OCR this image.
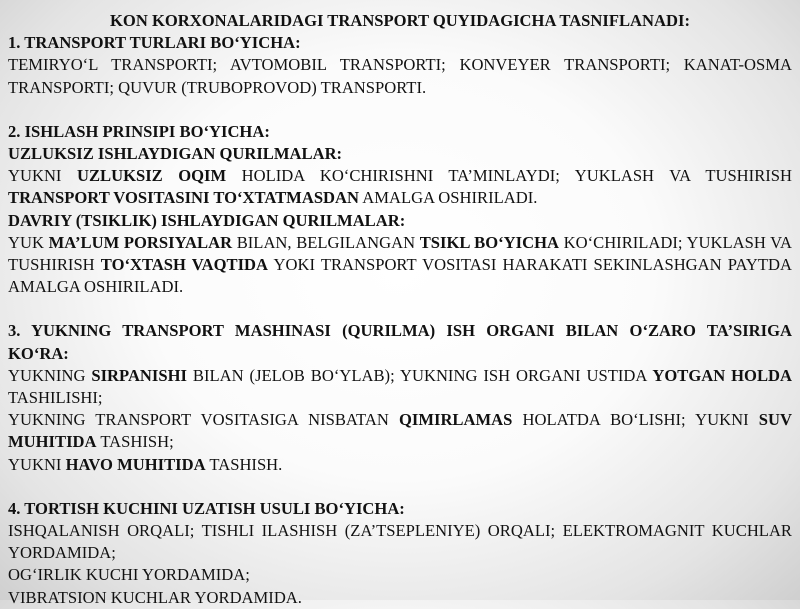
KON KORXONALARIDAGI TRANSPORT QUYIDAGICHA TASNIFLANADI:
1. TRANSPORT TURLARI BO‘YICHA:
TEMIRYO‘L TRANSPORTI; AVTOMOBIL TRANSPORTI; KONVEYER TRANSPORTI; KANAT-OSMA TRANSPORTI; QUVUR (TRUBOPROVOD) TRANSPORTI.
2. ISHLASH PRINSIPI BO‘YICHA:
UZLUKSIZ ISHLAYDIGAN QURILMALAR:
YUKNI UZLUKSIZ OQIM HOLIDA KO‘CHIRISHNI TA’MINLAYDI; YUKLASH VA TUSHIRISH TRANSPORT VOSITASINI TO‘XTATMASDAN AMALGA OSHIRILADI.
DAVRIY (TSIKLIK) ISHLAYDIGAN QURILMALAR:
YUK MA’LUM PORSIYALAR BILAN, BELGILANGAN TSIKL BO‘YICHA KO‘CHIRILADI; YUKLASH VA TUSHIRISH TO‘XTASH VAQTIDA YOKI TRANSPORT VOSITASI HARAKATI SEKINLASHGAN PAYTDA AMALGA OSHIRILADI.
3. YUKNING TRANSPORT MASHINASI (QURILMA) ISH ORGANI BILAN O‘ZARO TA’SIRIGA KO‘RA:
YUKNING SIRPANISHI BILAN (JELOB BO‘YLAB); YUKNING ISH ORGANI USTIDA YOTGAN HOLDA TASHILISHI;
YUKNING TRANSPORT VOSITASIGA NISBATAN QIMIRLAMAS HOLATDA BO‘LISHI; YUKNI SUV MUHITIDA TASHISH;
YUKNI HAVO MUHITIDA TASHISH.
4. TORTISH KUCHINI UZATISH USULI BO‘YICHA:
ISHQALANISH ORQALI; TISHLI ILASHISH (ZA’TSEPLENIYE) ORQALI; ELEKTROMAGNIT KUCHLAR YORDAMIDA;
OG‘IRLIK KUCHI YORDAMIDA;
VIBRATSION KUCHLAR YORDAMIDA.
